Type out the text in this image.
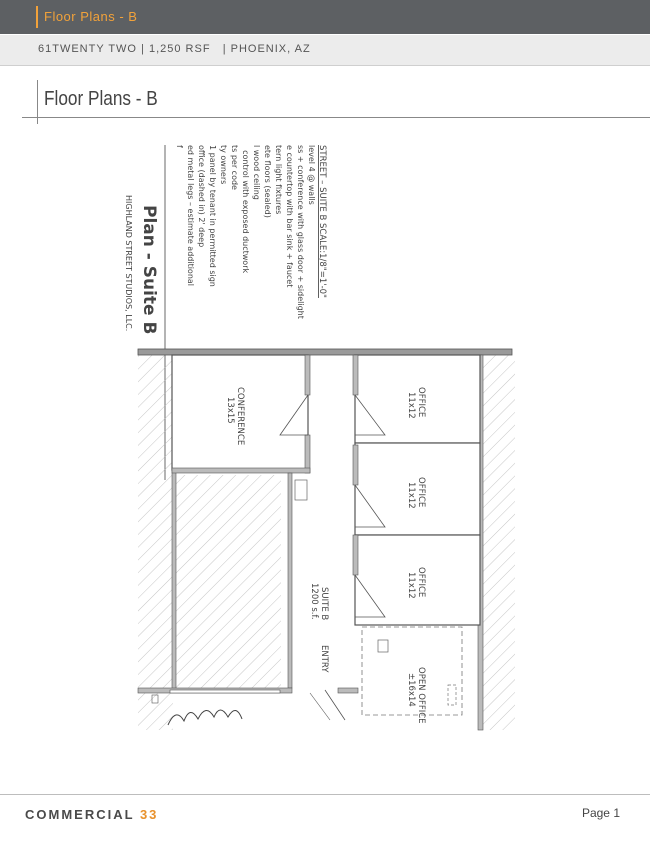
Floor Plans - B
61TWENTY TWO | 1,250 RSF   | PHOENIX, AZ
Floor Plans - B
STREET – SUITE B SCALE:1/8"=1'-0"
level 4 @ walls
ss + conference with glass door + sidelight
e countertop with bar sink + faucet
tern light fixtures
ete floors (sealed)
l wood ceiling
control with exposed ductwork
ts per code
ty owners
1 panel by tenant in permitted sign
office (dashed in) 2' deep
ed metal legs – estimate additional
f
Plan - Suite B
HIGHLAND STREET STUDIOS, LLC.
CONFERENCE
13x15	OFFICE
11x12
OFFICE
11x12
OFFICE
11x12
SUITE B
1200 s.f.
ENTRY
OPEN OFFICE
±16x14
COMMERCIAL 33	Page 1
